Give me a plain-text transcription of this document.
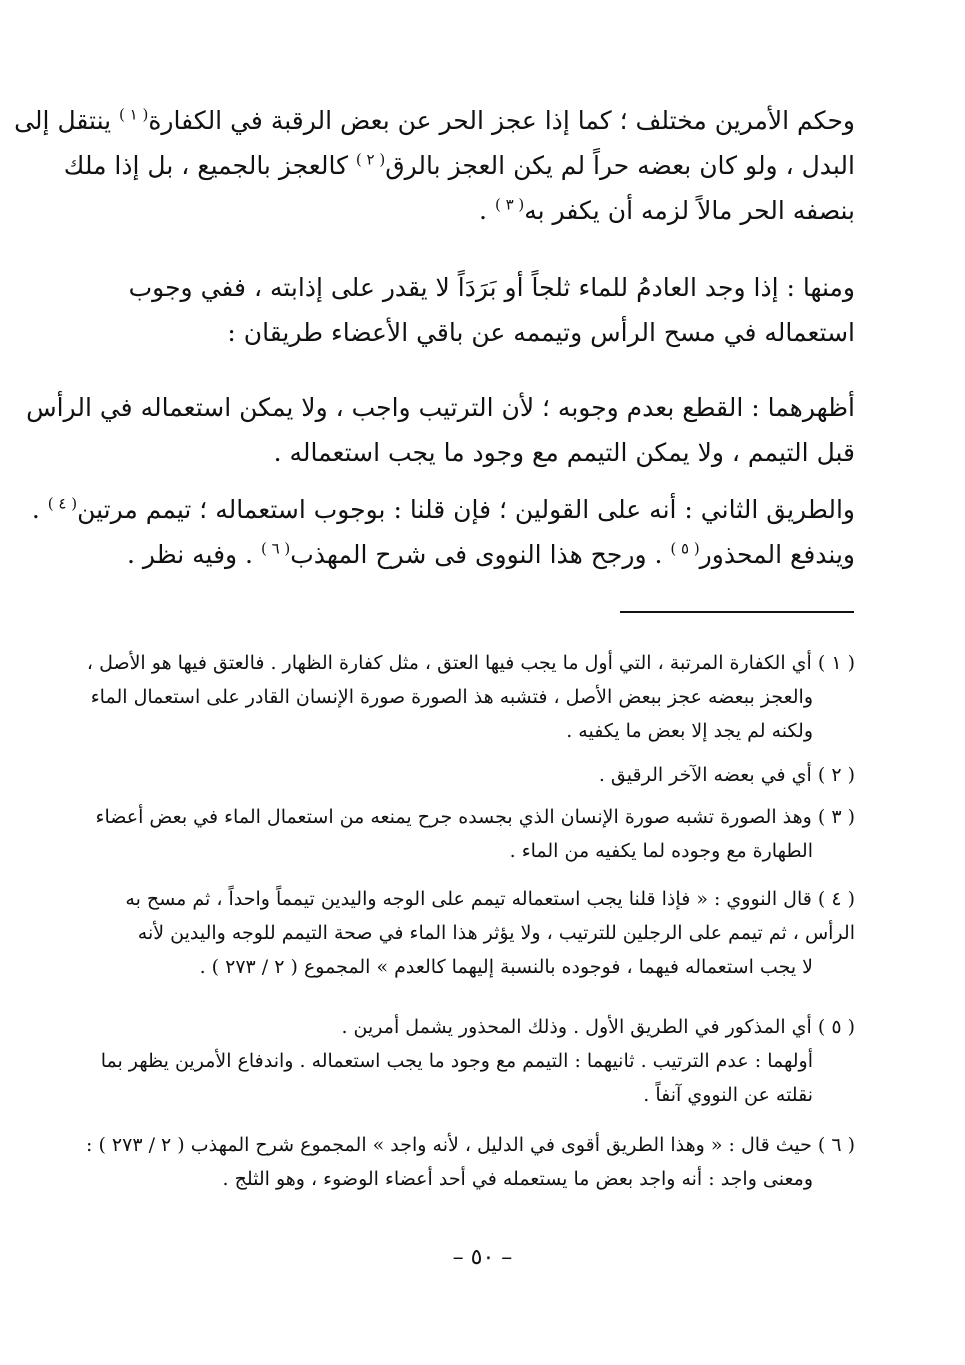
وحكم الأمرين مختلف ؛ كما إذا عجز الحر عن بعض الرقبة في الكفارة$^{( ١ )}$ ينتقل إلى
البدل ، ولو كان بعضه حراً لم يكن العجز بالرق$^{( ٢ )}$ كالعجز بالجميع ، بل إذا ملك
بنصفه الحر مالاً لزمه أن يكفر به$^{( ٣ )}$ .
ومنها : إذا وجد العادمُ للماء ثلجاً أو بَرَدَاً لا يقدر على إذابته ، ففي وجوب
استعماله في مسح الرأس وتيممه عن باقي الأعضاء طريقان :
أظهرهما : القطع بعدم وجوبه ؛ لأن الترتيب واجب ، ولا يمكن استعماله في الرأس
قبل التيمم ، ولا يمكن التيمم مع وجود ما يجب استعماله .
والطريق الثاني : أنه على القولين ؛ فإن قلنا : بوجوب استعماله ؛ تيمم مرتين$^{( ٤ )}$ .
ويندفع المحذور$^{( ٥ )}$ . ورجح هذا النووى فى شرح المهذب$^{( ٦ )}$ . وفيه نظر .
( ١ ) أي الكفارة المرتبة ، التي أول ما يجب فيها العتق ، مثل كفارة الظهار . فالعتق فيها هو الأصل ،
والعجز ببعضه عجز ببعض الأصل ، فتشبه هذ الصورة صورة الإنسان القادر على استعمال الماء
ولكنه لم يجد إلا بعض ما يكفيه .
( ٢ ) أي في بعضه الآخر الرقيق .
( ٣ ) وهذ الصورة تشبه صورة الإنسان الذي بجسده جرح يمنعه من استعمال الماء في بعض أعضاء
الطهارة مع وجوده لما يكفيه من الماء .
( ٤ ) قال النووي : « فإذا قلنا يجب استعماله تيمم على الوجه واليدين تيمماً واحداً ، ثم مسح به
الرأس ، ثم تيمم على الرجلين للترتيب ، ولا يؤثر هذا الماء في صحة التيمم للوجه واليدين لأنه
لا يجب استعماله فيهما ، فوجوده بالنسبة إليهما كالعدم » المجموع ( ٢ / ٢٧٣ ) .
( ٥ ) أي المذكور في الطريق الأول . وذلك المحذور يشمل أمرين .
أولهما : عدم الترتيب . ثانيهما : التيمم مع وجود ما يجب استعماله . واندفاع الأمرين يظهر بما
نقلته عن النووي آنفاً .
( ٦ ) حيث قال : « وهذا الطريق أقوى في الدليل ، لأنه واجد » المجموع شرح المهذب ( ٢ / ٢٧٣ ) :
ومعنى واجد : أنه واجد بعض ما يستعمله في أحد أعضاء الوضوء ، وهو الثلج .
– ٥٠ –
